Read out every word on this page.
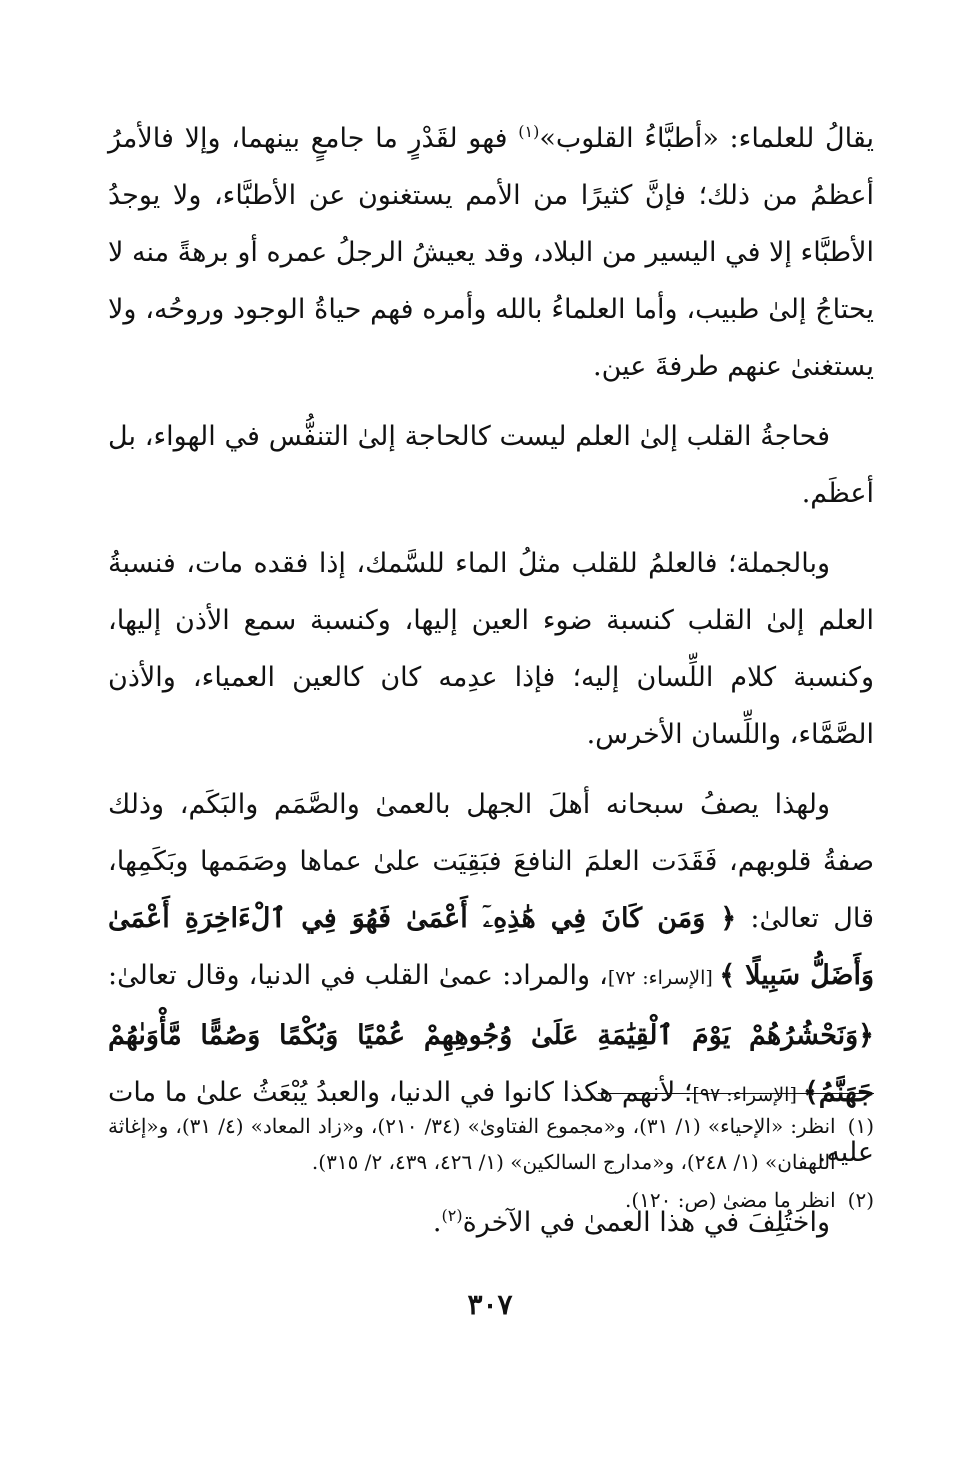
يقالُ للعلماء: «أطبَّاءُ القلوب»$^{(١)}$ فهو لقَدْرٍ ما جامعٍ بينهما، وإلا فالأمرُ أعظمُ من ذلك؛ فإنَّ كثيرًا من الأمم يستغنون عن الأطبَّاء، ولا يوجدُ الأطبَّاء إلا في اليسير من البلاد، وقد يعيشُ الرجلُ عمره أو برهةً منه لا يحتاجُ إلىٰ طبيب، وأما العلماءُ بالله وأمره فهم حياةُ الوجود وروحُه، ولا يستغنىٰ عنهم طرفةَ عين.

فحاجةُ القلب إلىٰ العلم ليست كالحاجة إلىٰ التنفُّس في الهواء، بل أعظَم.

وبالجملة؛ فالعلمُ للقلب مثلُ الماء للسَّمك، إذا فقده مات، فنسبةُ العلم إلىٰ القلب كنسبة ضوء العين إليها، وكنسبة سمع الأذن إليها، وكنسبة كلام اللِّسان إليه؛ فإذا عدِمه كان كالعين العمياء، والأذن الصَّمَّاء، واللِّسان الأخرس.

ولهذا يصفُ سبحانه أهلَ الجهل بالعمىٰ والصَّمَم والبَكَم، وذلك صفةُ قلوبهم، فَقَدَت العلمَ النافعَ فبَقِيَت علىٰ عماها وصَمَمها وبَكَمِها، قال تعالىٰ: ﴿ وَمَن كَانَ فِي هَٰذِهِۦٓ أَعْمَىٰ فَهُوَ فِي ٱلْءَاخِرَةِ أَعْمَىٰ وَأَضَلُّ سَبِيلًا ﴾ [الإسراء: ٧٢]، والمراد: عمىٰ القلب في الدنيا، وقال تعالىٰ: ﴿وَنَحْشُرُهُمْ يَوْمَ ٱلْقِيَٰمَةِ عَلَىٰ وُجُوهِهِمْ عُمْيًا وَبُكْمًا وَصُمًّا مَّأْوَىٰهُمْ جَهَنَّمُ﴾ [الإسراء: ٩٧]؛ لأنهم هكذا كانوا في الدنيا، والعبدُ يُبْعَثُ علىٰ ما مات عليه.

واختُلِفَ في هذا العمىٰ في الآخرة$^{(٢)}$.

(١)
انظر: «الإحياء» (١/ ٣١)، و«مجموع الفتاوىٰ» (٣٤/ ٢١٠)، و«زاد المعاد» (٤/ ٣١)، و«إغاثة اللهفان» (١/ ٢٤٨)، و«مدارج السالكين» (١/ ٤٢٦، ٤٣٩، ٢/ ٣١٥).
(٢)
انظر ما مضىٰ (ص: ١٢٠).
٣٠٧
